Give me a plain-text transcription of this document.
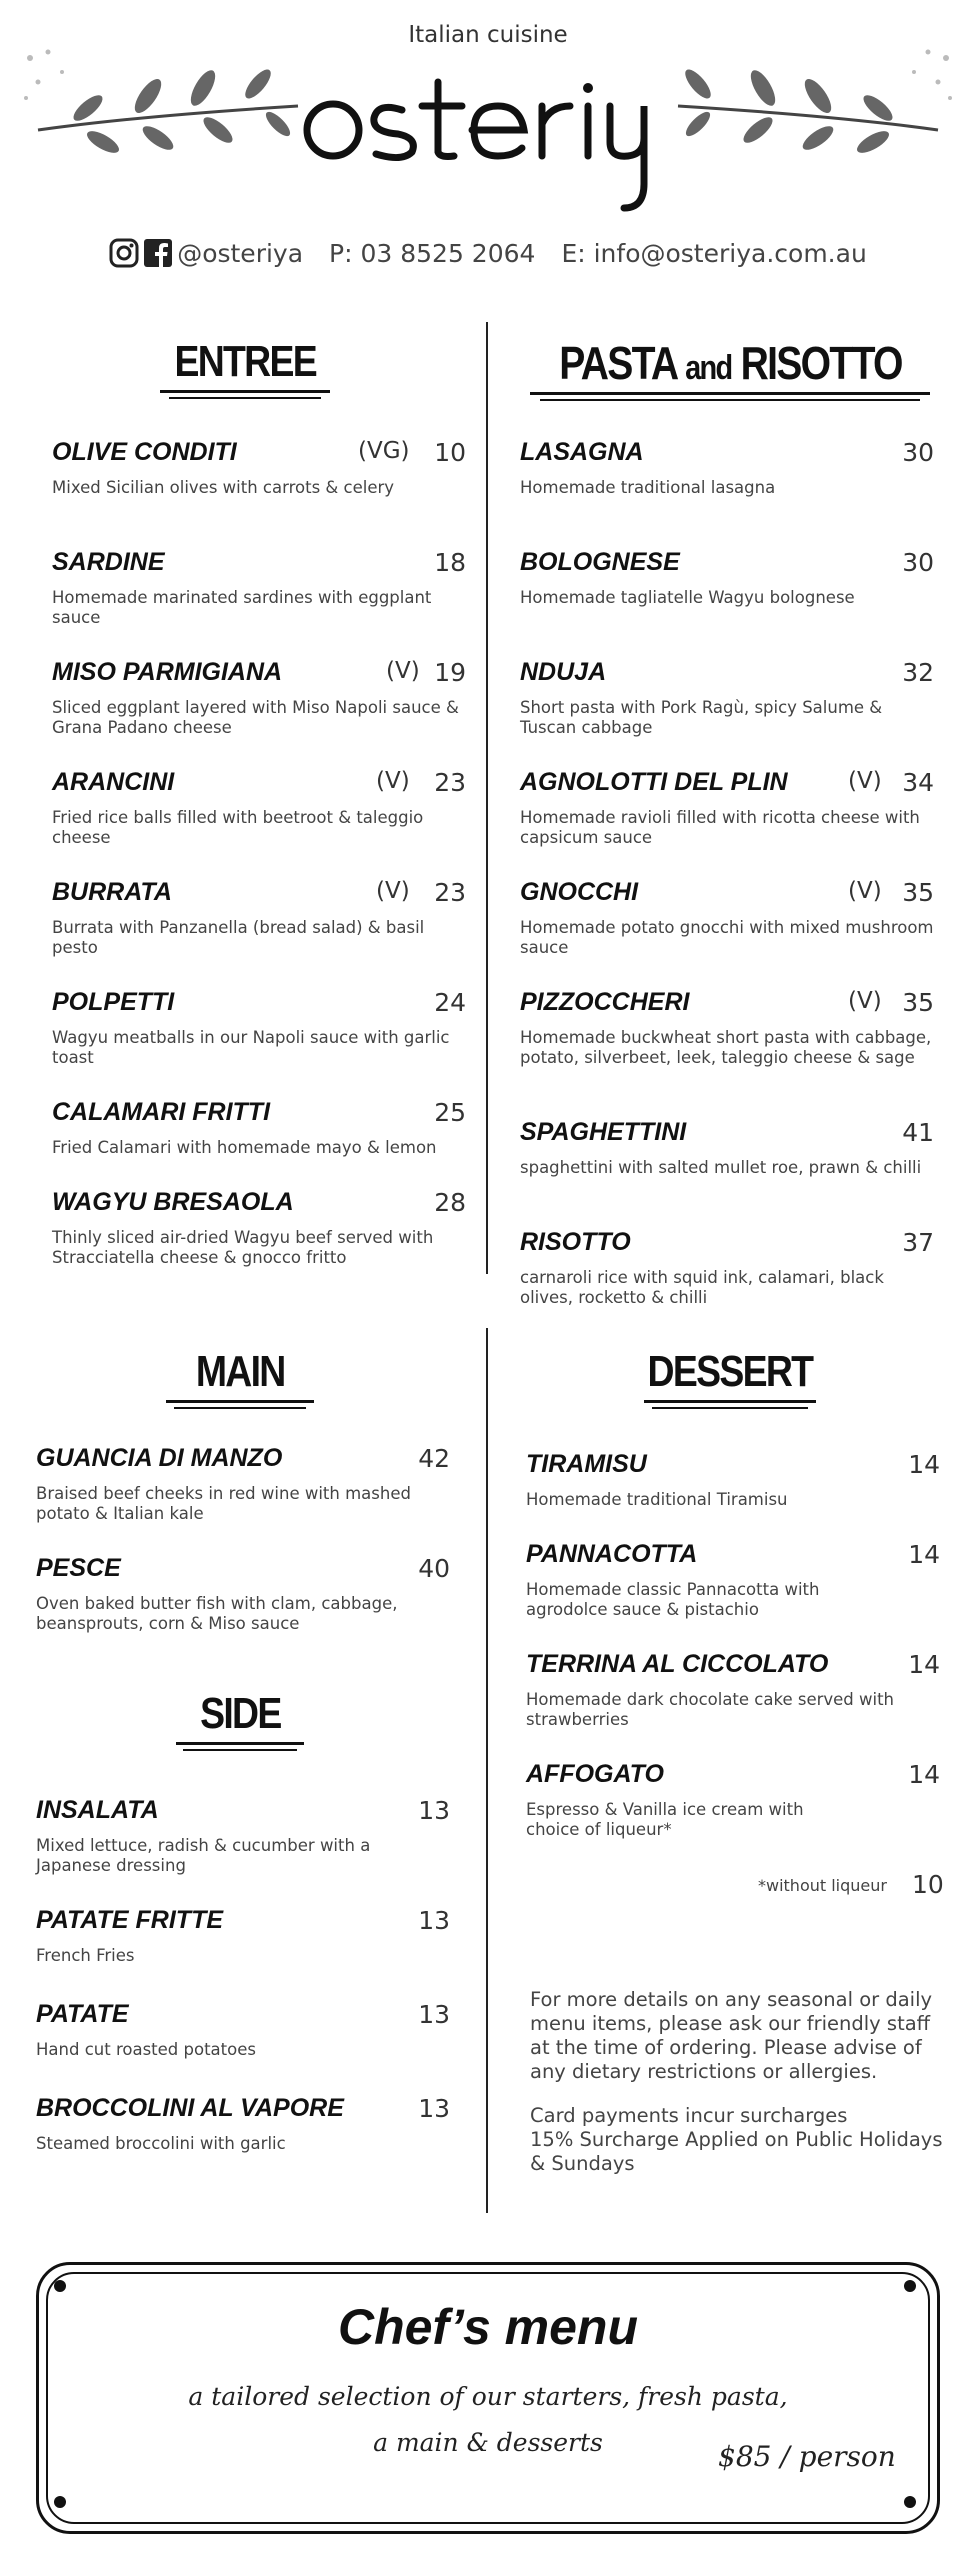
Italian cuisine
@osteriya P: 03 8525 2064 E: info@osteriya.com.au
ENTREE	PASTA and RISOTTO
MAIN
SIDE
DESSERT
OLIVE CONDITI	(VG) 10
Mixed Sicilian olives with carrots & celery
SARDINE	18
Homemade marinated sardines with eggplant sauce
MISO PARMIGIANA	(V) 19
Sliced eggplant layered with Miso Napoli sauce & Grana Padano cheese
ARANCINI	(V) 23
Fried rice balls filled with beetroot & taleggio cheese
BURRATA	(V) 23
Burrata with Panzanella (bread salad) & basil pesto
POLPETTI	24
Wagyu meatballs in our Napoli sauce with garlic toast
CALAMARI FRITTI	25
Fried Calamari with homemade mayo & lemon
WAGYU BRESAOLA	28
Thinly sliced air-dried Wagyu beef served with Stracciatella cheese & gnocco fritto
LASAGNA	30
Homemade traditional lasagna
BOLOGNESE	30
Homemade tagliatelle Wagyu bolognese
NDUJA	32
Short pasta with Pork Ragù, spicy Salume & Tuscan cabbage
AGNOLOTTI DEL PLIN	(V) 34
Homemade ravioli filled with ricotta cheese with capsicum sauce
GNOCCHI	(V) 35
Homemade potato gnocchi with mixed mushroom sauce
PIZZOCCHERI	(V) 35
Homemade buckwheat short pasta with cabbage, potato, silverbeet, leek, taleggio cheese & sage
SPAGHETTINI	41
spaghettini with salted mullet roe, prawn & chilli
RISOTTO	37
carnaroli rice with squid ink, calamari, black olives, rocketto & chilli
GUANCIA DI MANZO	42
Braised beef cheeks in red wine with mashed potato & Italian kale
PESCE	40
Oven baked butter fish with clam, cabbage, beansprouts, corn & Miso sauce
INSALATA	13
Mixed lettuce, radish & cucumber with a Japanese dressing
PATATE FRITTE	13
French Fries
PATATE	13
Hand cut roasted potatoes
BROCCOLINI AL VAPORE	13
Steamed broccolini with garlic
TIRAMISU	14
Homemade traditional Tiramisu
PANNACOTTA	14
Homemade classic Pannacotta with agrodolce sauce & pistachio
TERRINA AL CICCOLATO	14
Homemade dark chocolate cake served with strawberries
AFFOGATO	14
Espresso & Vanilla ice cream with choice of liqueur*
*without liqueur 10
For more details on any seasonal or daily menu items, please ask our friendly staff at the time of ordering. Please advise of any dietary restrictions or allergies.
Card payments incur surcharges
15% Surcharge Applied on Public Holidays & Sundays
Chef’s menu
a tailored selection of our starters, fresh pasta,
a main & desserts	$85 / person
